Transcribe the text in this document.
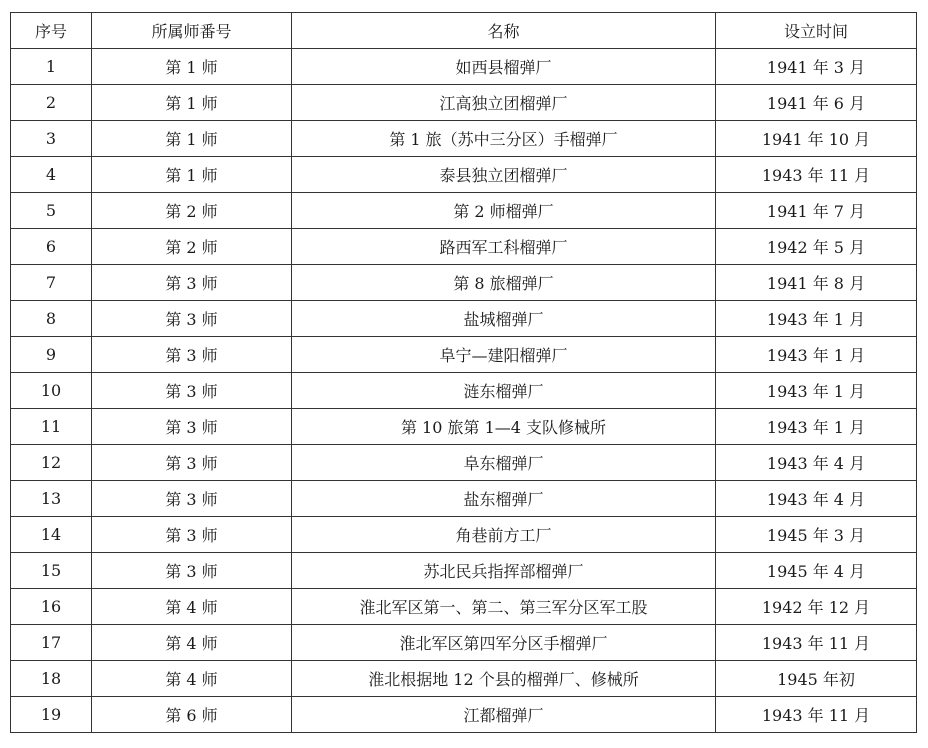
序号	所属师番号	名称	设立时间
1	第 1 师	如西县榴弹厂	1941 年 3 月
2	第 1 师	江高独立团榴弹厂	1941 年 6 月
3	第 1 师	第 1 旅（苏中三分区）手榴弹厂	1941 年 10 月
4	第 1 师	泰县独立团榴弹厂	1943 年 11 月
5	第 2 师	第 2 师榴弹厂	1941 年 7 月
6	第 2 师	路西军工科榴弹厂	1942 年 5 月
7	第 3 师	第 8 旅榴弹厂	1941 年 8 月
8	第 3 师	盐城榴弹厂	1943 年 1 月
9	第 3 师	阜宁—建阳榴弹厂	1943 年 1 月
10	第 3 师	涟东榴弹厂	1943 年 1 月
11	第 3 师	第 10 旅第 1—4 支队修械所	1943 年 1 月
12	第 3 师	阜东榴弹厂	1943 年 4 月
13	第 3 师	盐东榴弹厂	1943 年 4 月
14	第 3 师	角巷前方工厂	1945 年 3 月
15	第 3 师	苏北民兵指挥部榴弹厂	1945 年 4 月
16	第 4 师	淮北军区第一、第二、第三军分区军工股	1942 年 12 月
17	第 4 师	淮北军区第四军分区手榴弹厂	1943 年 11 月
18	第 4 师	淮北根据地 12 个县的榴弹厂、修械所	1945 年初
19	第 6 师	江都榴弹厂	1943 年 11 月
